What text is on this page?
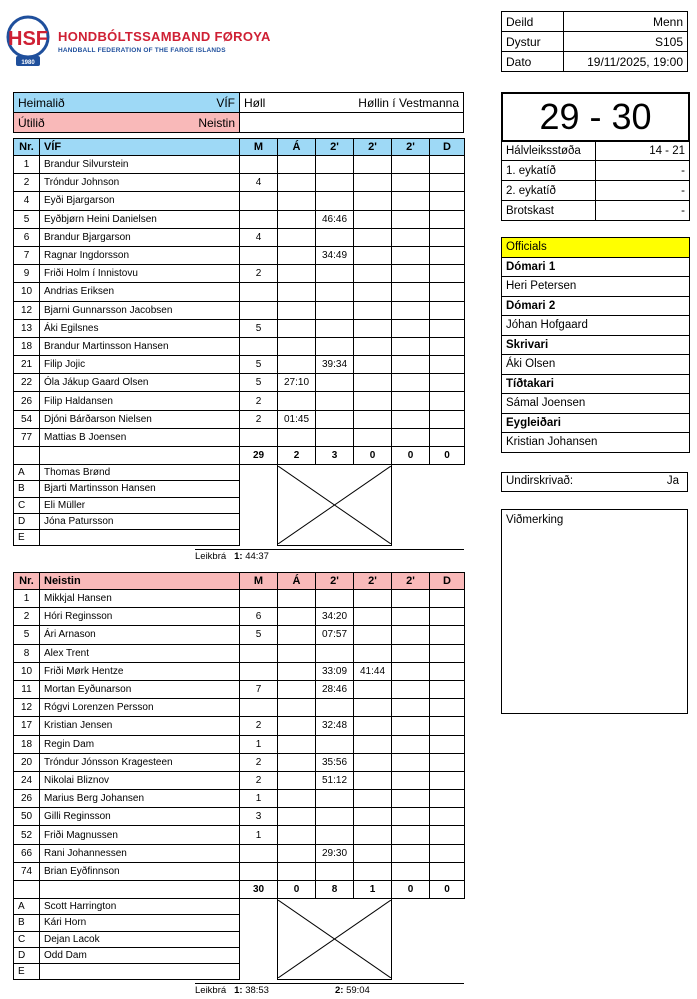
HSF
1980
HONDBÓLTSSAMBAND FØROYA
HANDBALL FEDERATION OF THE FAROE ISLANDS
Deild	Menn
Dystur	S105
Dato	19/11/2025, 19:00
Heimalið	VÍF	Høll	Høllin í Vestmanna
Útilið	Neistin		
Nr.	VÍF	M	Á	2'	2'	2'	D
1	Brandur Silvurstein						
2	Tróndur Johnson	4					
4	Eyði Bjargarson						
5	Eyðbjørn Heini Danielsen			46:46			
6	Brandur Bjargarson	4					
7	Ragnar Ingdorsson			34:49			
9	Friði Holm í Innistovu	2					
10	Andrias Eriksen						
12	Bjarni Gunnarsson Jacobsen						
13	Áki Egilsnes	5					
18	Brandur Martinsson Hansen						
21	Filip Jojic	5		39:34			
22	Óla Jákup Gaard Olsen	5	27:10				
26	Filip Haldansen	2					
54	Djóni Bárðarson Nielsen	2	01:45				
77	Mattias B Joensen						
		29	2	3	0	0	0
A	Thomas Brønd		

B	Bjarti Martinsson Hansen						
C	Eli Müller						
D	Jóna Patursson						
E							
Leikbrá 1: 44:37
Nr.	Neistin	M	Á	2'	2'	2'	D
1	Mikkjal Hansen						
2	Hóri Reginsson	6		34:20			
5	Ári Arnason	5		07:57			
8	Alex Trent						
10	Friði Mørk Hentze			33:09	41:44		
11	Mortan Eyðunarson	7		28:46			
12	Rógvi Lorenzen Persson						
17	Kristian Jensen	2		32:48			
18	Regin Dam	1					
20	Tróndur Jónsson Kragesteen	2		35:56			
24	Nikolai Bliznov	2		51:12			
26	Marius Berg Johansen	1					
50	Gilli Reginsson	3					
52	Friði Magnussen	1					
66	Rani Johannessen			29:30			
74	Brian Eyðfinnson						
		30	0	8	1	0	0
A	Scott Harrington		

B	Kári Horn						
C	Dejan Lacok						
D	Odd Dam						
E							
Leikbrá 1: 38:53	2: 59:04
29 - 30
Hálvleiksstøða	14 - 21
1. eykatíð	-
2. eykatíð	-
Brotskast	-
Officials
Dómari 1
Heri Petersen
Dómari 2
Jóhan Hofgaard
Skrivari
Áki Olsen
Tíðtakari
Sámal Joensen
Eygleiðari
Kristian Johansen
Undirskrivað:	Ja
Viðmerking
